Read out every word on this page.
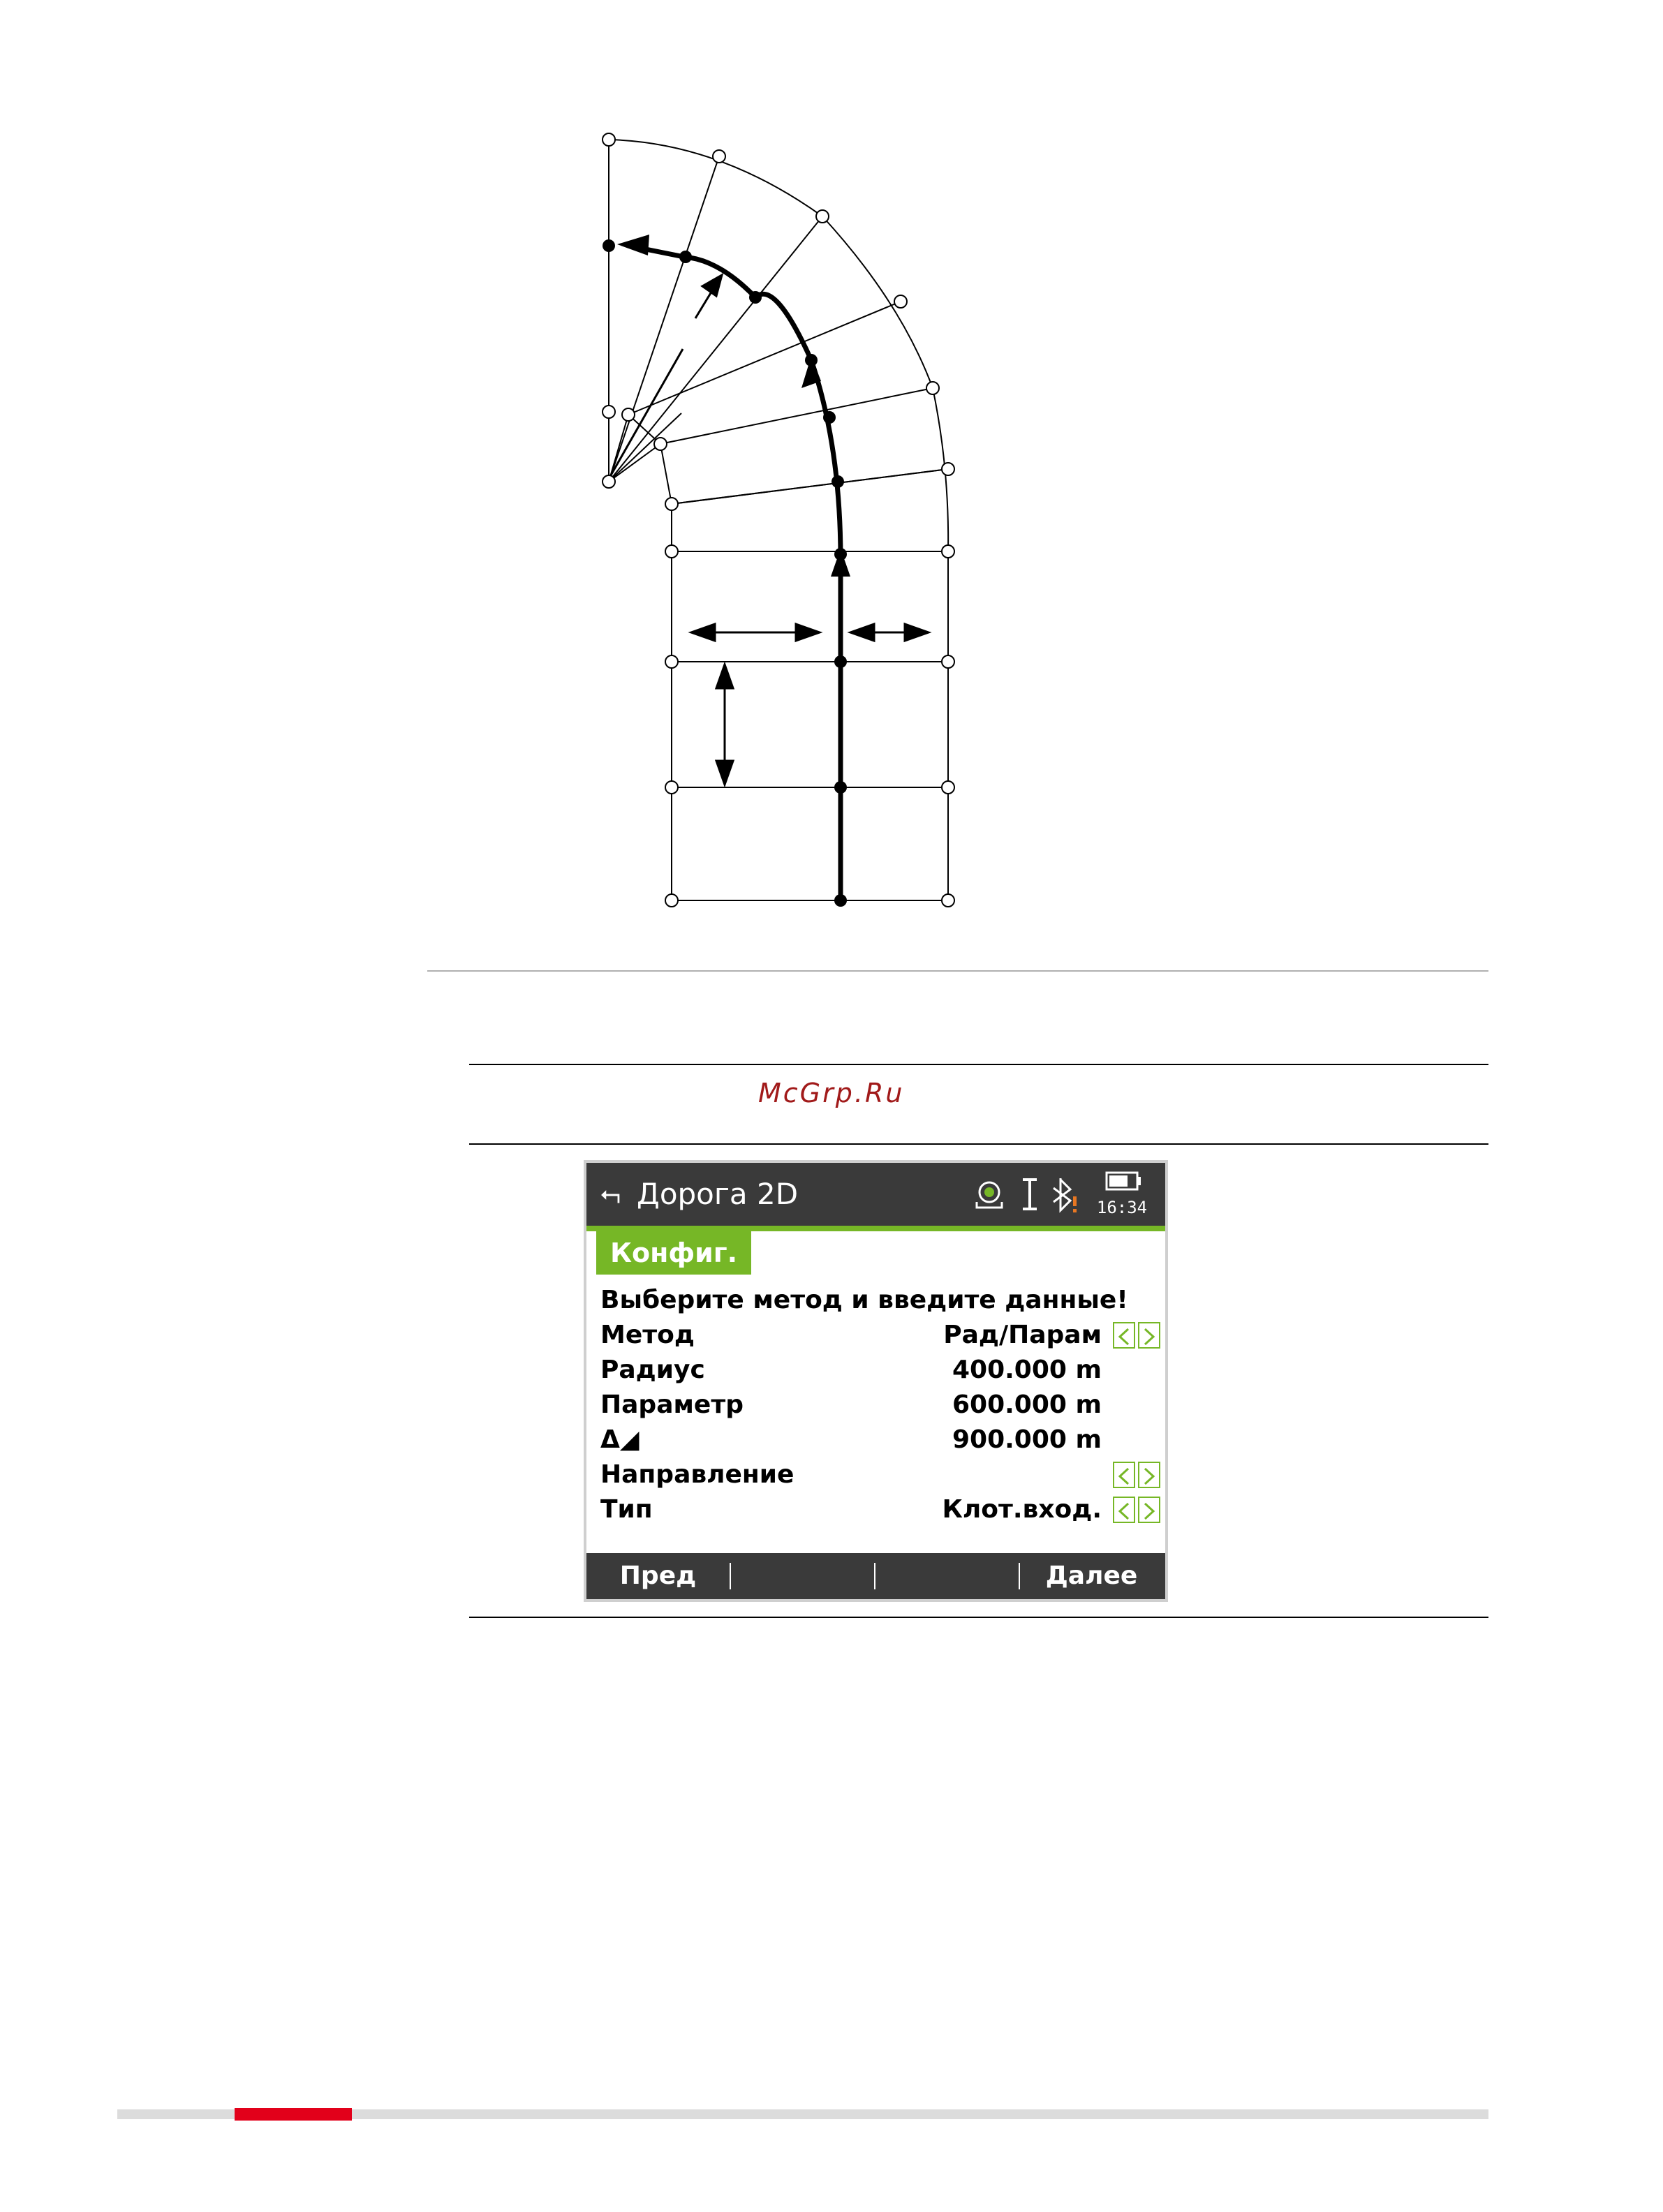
McGrp.Ru
⮢ Дорога 2D	16:34
Конфиг.
Выберите метод и введите данные!
Метод	Рад/Парам
Радиус	400.000 m
Параметр	600.000 m
Δ◢	900.000 m
Направление	По ЧС
Тип	Клот.вход.
Пред	Далее
